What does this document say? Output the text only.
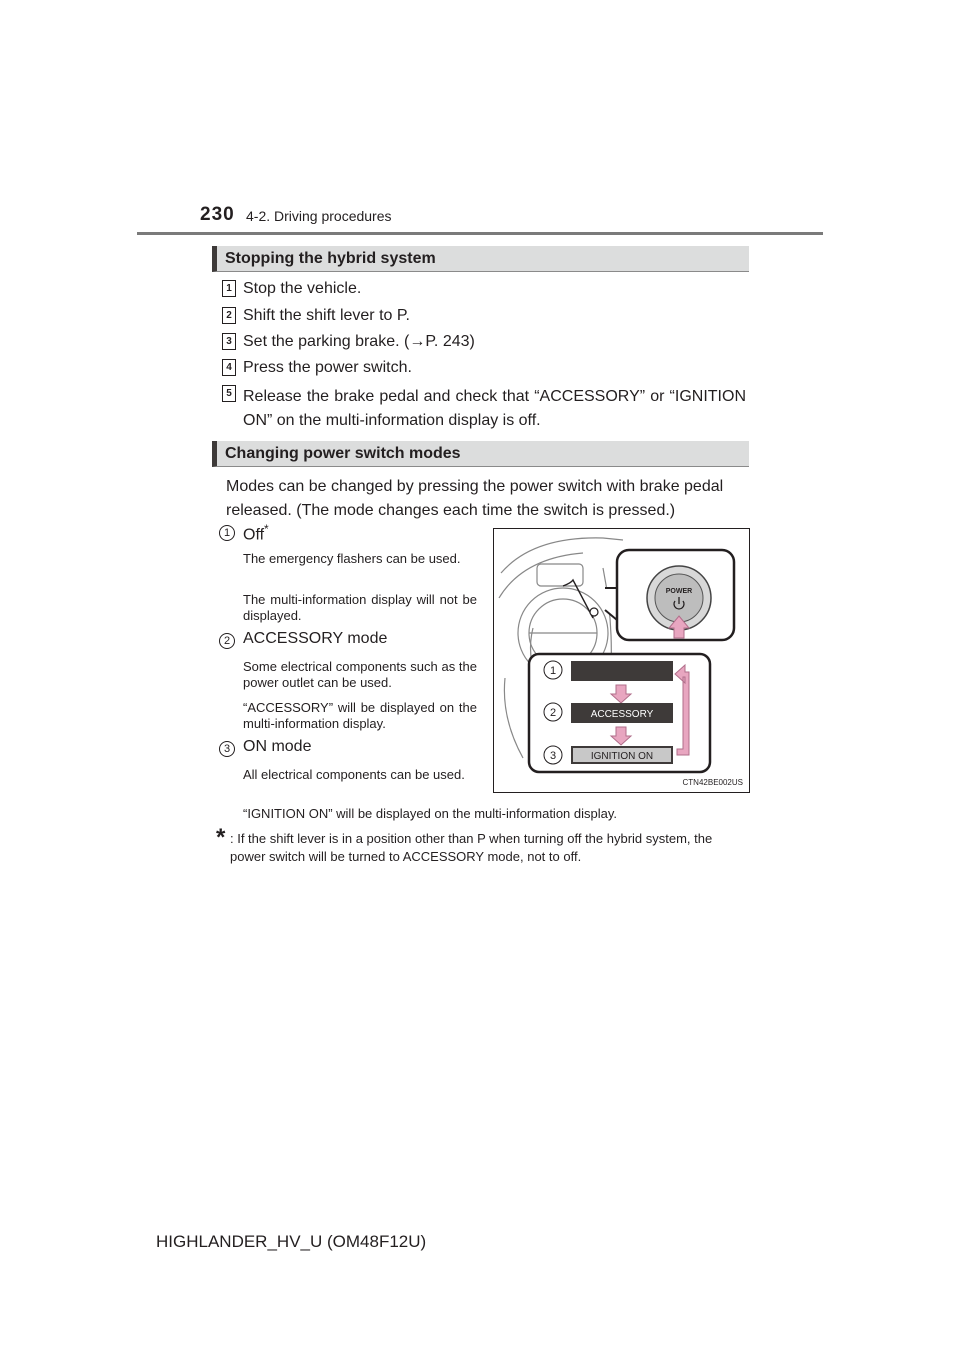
230 4-2. Driving procedures
Stopping the hybrid system
1 Stop the vehicle.
2 Shift the shift lever to P.
3 Set the parking brake. (→P. 243)
4 Press the power switch.
5 Release the brake pedal and check that “ACCESSORY” or “IGNITION ON” on the multi-information display is off.
Changing power switch modes
Modes can be changed by pressing the power switch with brake pedal released. (The mode changes each time the switch is pressed.)
1 Off*
The emergency flashers can be used.
The multi-information display will not be displayed.
2 ACCESSORY mode
Some electrical components such as the power outlet can be used.
“ACCESSORY” will be displayed on the multi-information display.
3 ON mode
All electrical components can be used.
“IGNITION ON” will be displayed on the multi-information display.
* : If the shift lever is in a position other than P when turning off the hybrid system, the power switch will be turned to ACCESSORY mode, not to off.
POWER
1
2	ACCESSORY
3	IGNITION ON
CTN42BE002US
HIGHLANDER_HV_U (OM48F12U)
